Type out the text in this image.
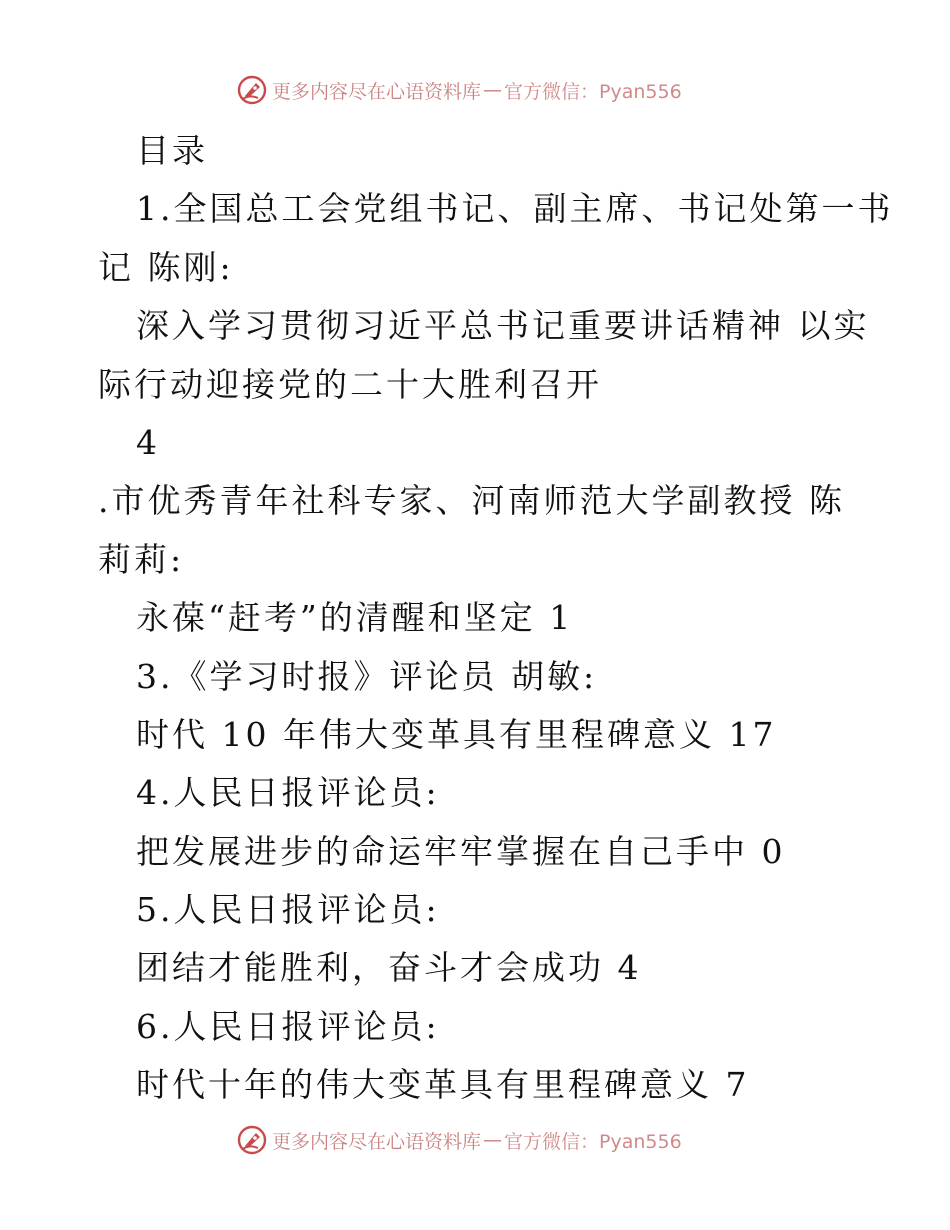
更多内容尽在心语资料库 — 官方微信：Pyan556
目录
1.全国总工会党组书记、副主席、书记处第一书
记 陈刚:
深入学习贯彻习近平总书记重要讲话精神 以实
际行动迎接党的二十大胜利召开
4
.市优秀青年社科专家、河南师范大学副教授 陈
莉莉:
永葆“赶考”的清醒和坚定 1
3.《学习时报》评论员 胡敏:
时代 10 年伟大变革具有里程碑意义 17
4.人民日报评论员:
把发展进步的命运牢牢掌握在自己手中 0
5.人民日报评论员:
团结才能胜利，奋斗才会成功 4
6.人民日报评论员:
时代十年的伟大变革具有里程碑意义 7
更多内容尽在心语资料库 — 官方微信：Pyan556
